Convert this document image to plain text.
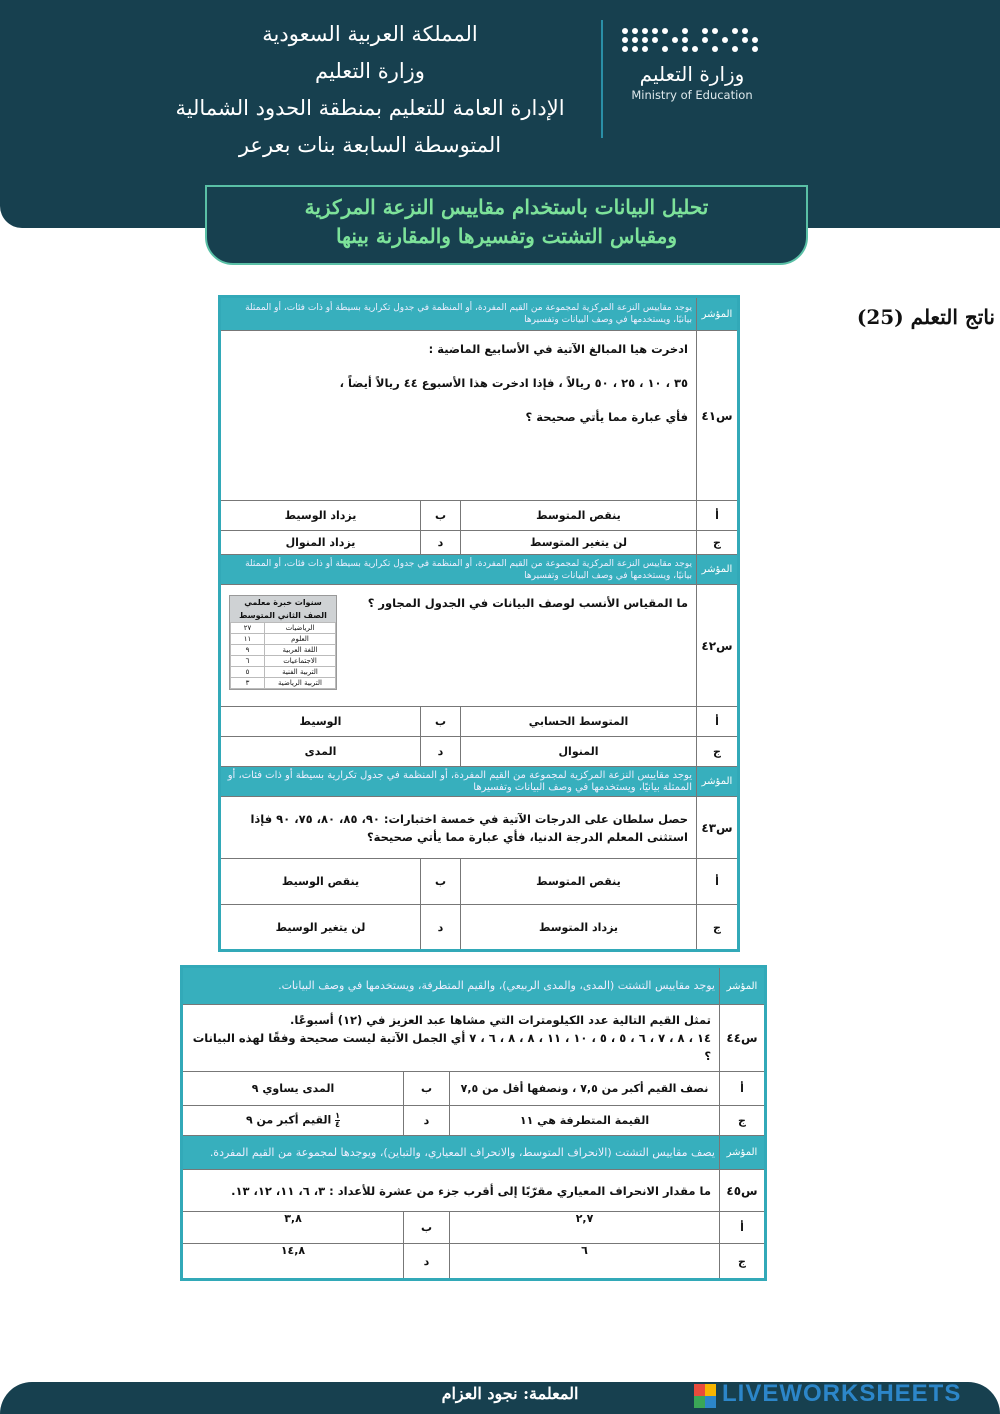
المملكة العربية السعودية
وزارة التعليم
الإدارة العامة للتعليم بمنطقة الحدود الشمالية
المتوسطة السابعة بنات بعرعر
وزارة التعليم
Ministry of Education
تحليل البيانات باستخدام مقاييس النزعة المركزية
ومقياس التشتت وتفسيرها والمقارنة بينها
ناتج التعلم (25)
المؤشر	يوجد مقاييس النزعة المركزية لمجموعة من القيم المفردة، أو المنظمة في جدول تكرارية بسيطة أو ذات فئات، أو الممثلة بيانيًا، ويستخدمها في وصف البيانات وتفسيرها
س٤١	
ادخرت هيا المبالغ الآتية في الأسابيع الماضية :
٣٥ ، ١٠ ، ٢٥ ، ٥٠ ريالاً ، فإذا ادخرت هذا الأسبوع ٤٤ ريالاً أيضاً ،
فأي عبارة مما يأتي صحيحة ؟

أ	ينقص المتوسط	ب	يزداد الوسيط
ج	لن يتغير المتوسط	د	يزداد المنوال
المؤشر	يوجد مقاييس النزعة المركزية لمجموعة من القيم المفردة، أو المنظمة في جدول تكرارية بسيطة أو ذات فئات، أو الممثلة بيانيًا، ويستخدمها في وصف البيانات وتفسيرها
س٤٢	
سنوات خبرة معلمي
الصف الثاني المتوسط
الرياضيات	٢٧
العلوم	١١
اللغة العربية	٩
الاجتماعيات	٦
التربية الفنية	٥
التربية الرياضية	٣
ما المقياس الأنسب لوصف البيانات في الجدول المجاور ؟

أ	المتوسط الحسابي	ب	الوسيط
ج	المنوال	د	المدى
المؤشر	يوجد مقاييس النزعة المركزية لمجموعة من القيم المفردة، أو المنظمة في جدول تكرارية بسيطة أو ذات فئات، أو الممثلة بيانيًا، ويستخدمها في وصف البيانات وتفسيرها
س٤٣	حصل سلطان على الدرجات الآتية في خمسة اختبارات: ٩٠، ٨٥، ٨٠، ٧٥، ٩٠ فإذا استثنى المعلم الدرجة الدنيا، فأي عبارة مما يأتي صحيحة؟
أ	ينقص المتوسط	ب	ينقص الوسيط
ج	يزداد المتوسط	د	لن يتغير الوسيط
المؤشر	يوجد مقاييس التشتت (المدى، والمدى الربيعي)، والقيم المتطرفة، ويستخدمها في وصف البيانات.		
س٤٤	تمثل القيم التالية عدد الكيلومترات التي مشاها عبد العزيز في (١٢) أسبوعًا.
١٤ ، ٨ ، ٧ ، ٦ ، ٥ ، ٥ ، ١٠ ، ١١ ، ٨ ، ٨ ، ٦ ، ٧ أي الجمل الآتية ليست صحيحة وفقًا لهذه البيانات ؟		

أ	نصف القيم أكبر من ٧,٥ ، ونصفها أقل من ٧,٥	ب	المدى يساوي ٩
ج	القيمة المتطرفة هي ١١	د	١
٤ القيم أكبر من ٩
المؤشر	يصف مقاييس التشتت (الانحراف المتوسط، والانحراف المعياري، والتباين)، ويوجدها لمجموعة من القيم المفردة.		
س٤٥	ما مقدار الانحراف المعياري مقرّبًا إلى أقرب جزء من عشرة للأعداد : ٣، ٦، ١١، ١٢، ١٣.		
أ	٢,٧	ب	٣,٨
ج	٦	د	١٤,٨
المعلمة: نجود العزام	LIVEWORKSHEETS
